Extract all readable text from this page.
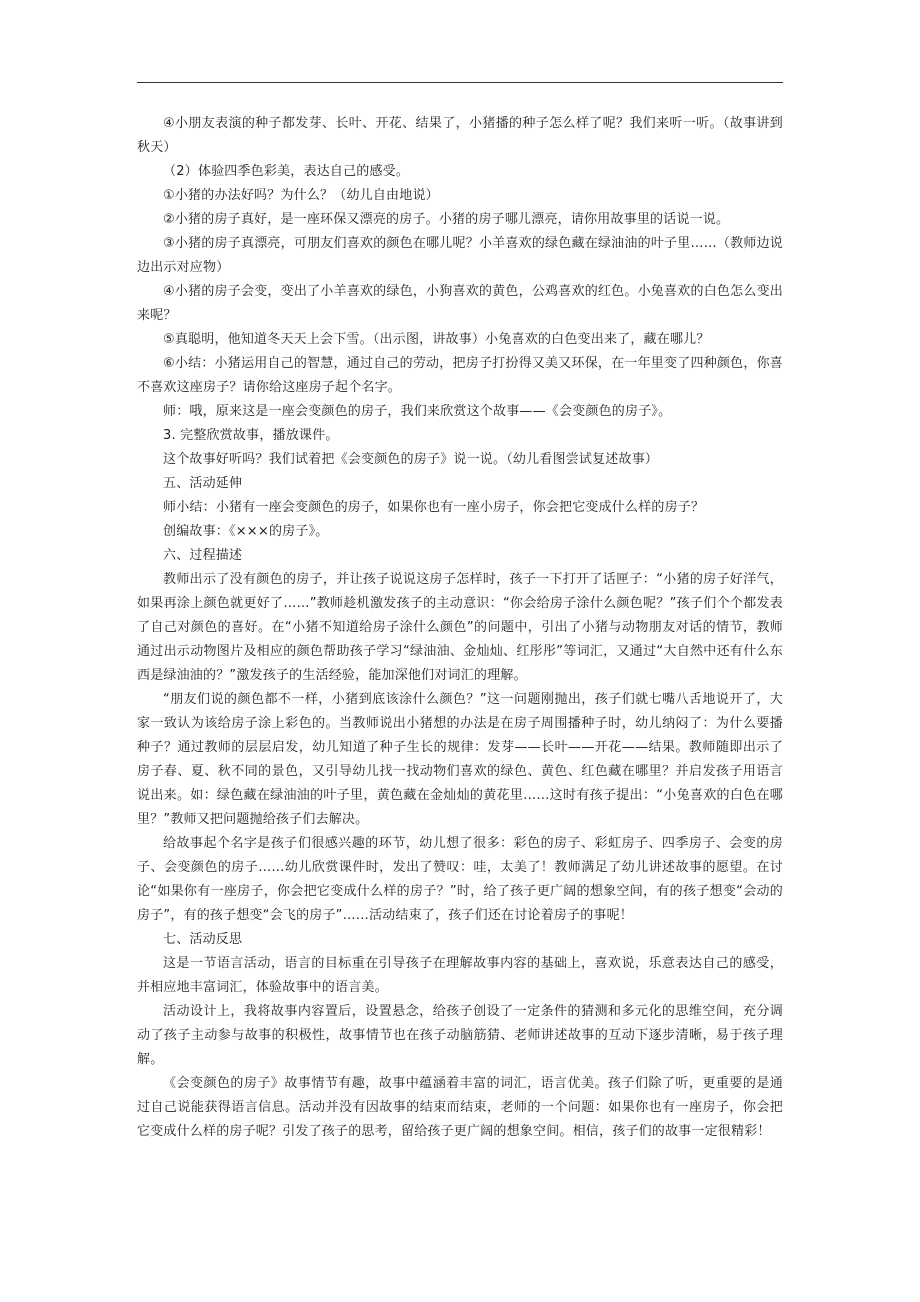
④小朋友表演的种子都发芽、长叶、开花、结果了，小猪播的种子怎么样了呢？我们来听一听。（故事讲到秋天）

（2）体验四季色彩美，表达自己的感受。

①小猪的办法好吗？为什么？（幼儿自由地说）

②小猪的房子真好，是一座环保又漂亮的房子。小猪的房子哪儿漂亮，请你用故事里的话说一说。

③小猪的房子真漂亮，可朋友们喜欢的颜色在哪儿呢？小羊喜欢的绿色藏在绿油油的叶子里……（教师边说边出示对应物）

④小猪的房子会变，变出了小羊喜欢的绿色，小狗喜欢的黄色，公鸡喜欢的红色。小兔喜欢的白色怎么变出来呢？

⑤真聪明，他知道冬天天上会下雪。（出示图，讲故事）小兔喜欢的白色变出来了，藏在哪儿？

⑥小结：小猪运用自己的智慧，通过自己的劳动，把房子打扮得又美又环保，在一年里变了四种颜色，你喜不喜欢这座房子？请你给这座房子起个名字。

师：哦，原来这是一座会变颜色的房子，我们来欣赏这个故事——《会变颜色的房子》。

3. 完整欣赏故事，播放课件。

这个故事好听吗？我们试着把《会变颜色的房子》说一说。（幼儿看图尝试复述故事）

五、活动延伸

师小结：小猪有一座会变颜色的房子，如果你也有一座小房子，你会把它变成什么样的房子？

创编故事：《×××的房子》。

六、过程描述

教师出示了没有颜色的房子，并让孩子说说这房子怎样时，孩子一下打开了话匣子：“小猪的房子好洋气，如果再涂上颜色就更好了……”教师趁机激发孩子的主动意识：“你会给房子涂什么颜色呢？”孩子们个个都发表了自己对颜色的喜好。在“小猪不知道给房子涂什么颜色”的问题中，引出了小猪与动物朋友对话的情节，教师通过出示动物图片及相应的颜色帮助孩子学习“绿油油、金灿灿、红彤彤”等词汇，又通过“大自然中还有什么东西是绿油油的？”激发孩子的生活经验，能加深他们对词汇的理解。

“朋友们说的颜色都不一样，小猪到底该涂什么颜色？”这一问题刚抛出，孩子们就七嘴八舌地说开了，大家一致认为该给房子涂上彩色的。当教师说出小猪想的办法是在房子周围播种子时，幼儿纳闷了：为什么要播种子？通过教师的层层启发，幼儿知道了种子生长的规律：发芽——长叶——开花——结果。教师随即出示了房子春、夏、秋不同的景色，又引导幼儿找一找动物们喜欢的绿色、黄色、红色藏在哪里？并启发孩子用语言说出来。如：绿色藏在绿油油的叶子里，黄色藏在金灿灿的黄花里……这时有孩子提出：“小兔喜欢的白色在哪里？”教师又把问题抛给孩子们去解决。

给故事起个名字是孩子们很感兴趣的环节，幼儿想了很多：彩色的房子、彩虹房子、四季房子、会变的房子、会变颜色的房子……幼儿欣赏课件时，发出了赞叹：哇，太美了！教师满足了幼儿讲述故事的愿望。在讨论“如果你有一座房子，你会把它变成什么样的房子？”时，给了孩子更广阔的想象空间，有的孩子想变“会动的房子”，有的孩子想变“会飞的房子”……活动结束了，孩子们还在讨论着房子的事呢！

七、活动反思

这是一节语言活动，语言的目标重在引导孩子在理解故事内容的基础上，喜欢说，乐意表达自己的感受，并相应地丰富词汇，体验故事中的语言美。

活动设计上，我将故事内容置后，设置悬念，给孩子创设了一定条件的猜测和多元化的思维空间，充分调动了孩子主动参与故事的积极性，故事情节也在孩子动脑筋猜、老师讲述故事的互动下逐步清晰，易于孩子理解。

《会变颜色的房子》故事情节有趣，故事中蕴涵着丰富的词汇，语言优美。孩子们除了听，更重要的是通过自己说能获得语言信息。活动并没有因故事的结束而结束，老师的一个问题：如果你也有一座房子，你会把它变成什么样的房子呢？引发了孩子的思考，留给孩子更广阔的想象空间。相信，孩子们的故事一定很精彩！
